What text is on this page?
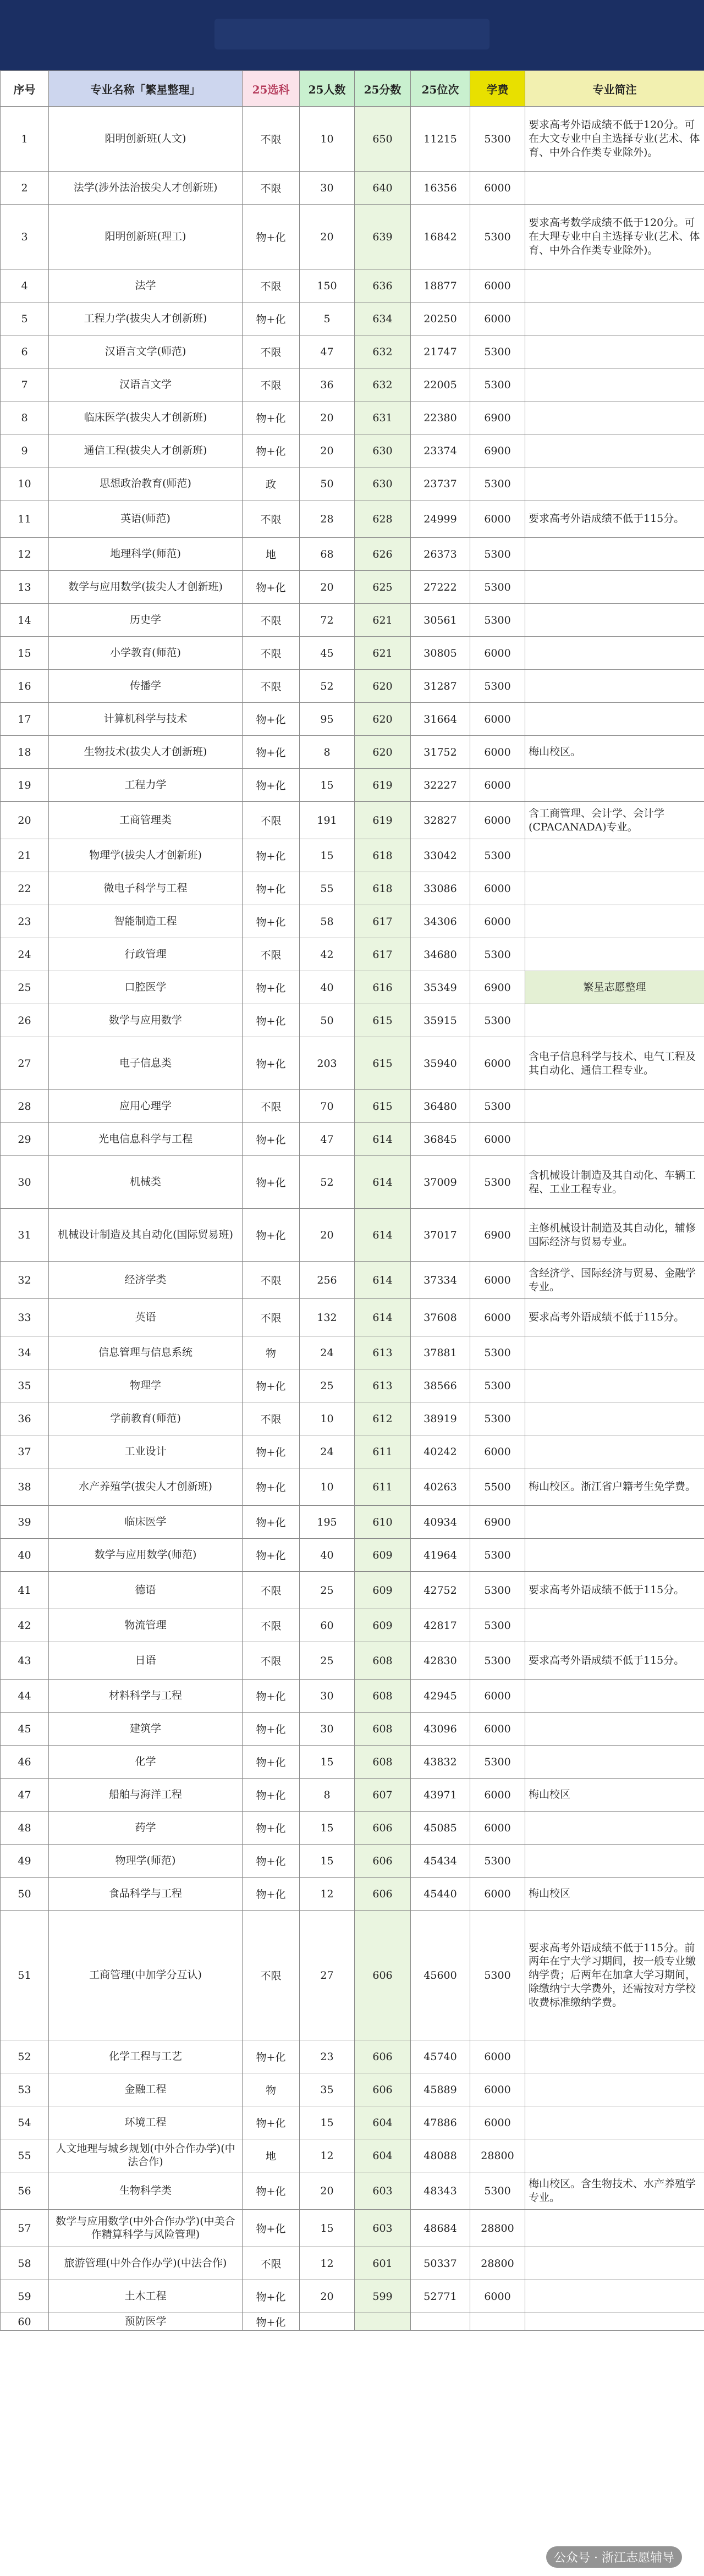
序号	专业名称「繁星整理」	25选科	25人数	25分数	25位次	学费	专业简注
1	阳明创新班(人文)	不限	10	650	11215	5300	要求高考外语成绩不低于120分。可在大文专业中自主选择专业(艺术、体育、中外合作类专业除外)。
2	法学(涉外法治拔尖人才创新班)	不限	30	640	16356	6000	
3	阳明创新班(理工)	物+化	20	639	16842	5300	要求高考数学成绩不低于120分。可在大理专业中自主选择专业(艺术、体育、中外合作类专业除外)。
4	法学	不限	150	636	18877	6000	
5	工程力学(拔尖人才创新班)	物+化	5	634	20250	6000	
6	汉语言文学(师范)	不限	47	632	21747	5300	
7	汉语言文学	不限	36	632	22005	5300	
8	临床医学(拔尖人才创新班)	物+化	20	631	22380	6900	
9	通信工程(拔尖人才创新班)	物+化	20	630	23374	6900	
10	思想政治教育(师范)	政	50	630	23737	5300	
11	英语(师范)	不限	28	628	24999	6000	要求高考外语成绩不低于115分。
12	地理科学(师范)	地	68	626	26373	5300	
13	数学与应用数学(拔尖人才创新班)	物+化	20	625	27222	5300	
14	历史学	不限	72	621	30561	5300	
15	小学教育(师范)	不限	45	621	30805	6000	
16	传播学	不限	52	620	31287	5300	
17	计算机科学与技术	物+化	95	620	31664	6000	
18	生物技术(拔尖人才创新班)	物+化	8	620	31752	6000	梅山校区。
19	工程力学	物+化	15	619	32227	6000	
20	工商管理类	不限	191	619	32827	6000	含工商管理、会计学、会计学(CPACANADA)专业。
21	物理学(拔尖人才创新班)	物+化	15	618	33042	5300	
22	微电子科学与工程	物+化	55	618	33086	6000	
23	智能制造工程	物+化	58	617	34306	6000	
24	行政管理	不限	42	617	34680	5300	
25	口腔医学	物+化	40	616	35349	6900	繁星志愿整理
26	数学与应用数学	物+化	50	615	35915	5300	
27	电子信息类	物+化	203	615	35940	6000	含电子信息科学与技术、电气工程及其自动化、通信工程专业。
28	应用心理学	不限	70	615	36480	5300	
29	光电信息科学与工程	物+化	47	614	36845	6000	
30	机械类	物+化	52	614	37009	5300	含机械设计制造及其自动化、车辆工程、工业工程专业。
31	机械设计制造及其自动化(国际贸易班)	物+化	20	614	37017	6900	主修机械设计制造及其自动化，辅修国际经济与贸易专业。
32	经济学类	不限	256	614	37334	6000	含经济学、国际经济与贸易、金融学专业。
33	英语	不限	132	614	37608	6000	要求高考外语成绩不低于115分。
34	信息管理与信息系统	物	24	613	37881	5300	
35	物理学	物+化	25	613	38566	5300	
36	学前教育(师范)	不限	10	612	38919	5300	
37	工业设计	物+化	24	611	40242	6000	
38	水产养殖学(拔尖人才创新班)	物+化	10	611	40263	5500	梅山校区。浙江省户籍考生免学费。
39	临床医学	物+化	195	610	40934	6900	
40	数学与应用数学(师范)	物+化	40	609	41964	5300	
41	德语	不限	25	609	42752	5300	要求高考外语成绩不低于115分。
42	物流管理	不限	60	609	42817	5300	
43	日语	不限	25	608	42830	5300	要求高考外语成绩不低于115分。
44	材料科学与工程	物+化	30	608	42945	6000	
45	建筑学	物+化	30	608	43096	6000	
46	化学	物+化	15	608	43832	5300	
47	船舶与海洋工程	物+化	8	607	43971	6000	梅山校区
48	药学	物+化	15	606	45085	6000	
49	物理学(师范)	物+化	15	606	45434	5300	
50	食品科学与工程	物+化	12	606	45440	6000	梅山校区
51	工商管理(中加学分互认)	不限	27	606	45600	5300	要求高考外语成绩不低于115分。前两年在宁大学习期间，按一般专业缴纳学费；后两年在加拿大学习期间，除缴纳宁大学费外，还需按对方学校收费标准缴纳学费。
52	化学工程与工艺	物+化	23	606	45740	6000	
53	金融工程	物	35	606	45889	6000	
54	环境工程	物+化	15	604	47886	6000	
55	人文地理与城乡规划(中外合作办学)(中法合作)	地	12	604	48088	28800	
56	生物科学类	物+化	20	603	48343	5300	梅山校区。含生物技术、水产养殖学专业。
57	数学与应用数学(中外合作办学)(中美合作精算科学与风险管理)	物+化	15	603	48684	28800	
58	旅游管理(中外合作办学)(中法合作)	不限	12	601	50337	28800	
59	土木工程	物+化	20	599	52771	6000	
60	预防医学	物+化					
公众号 · 浙江志愿辅导
